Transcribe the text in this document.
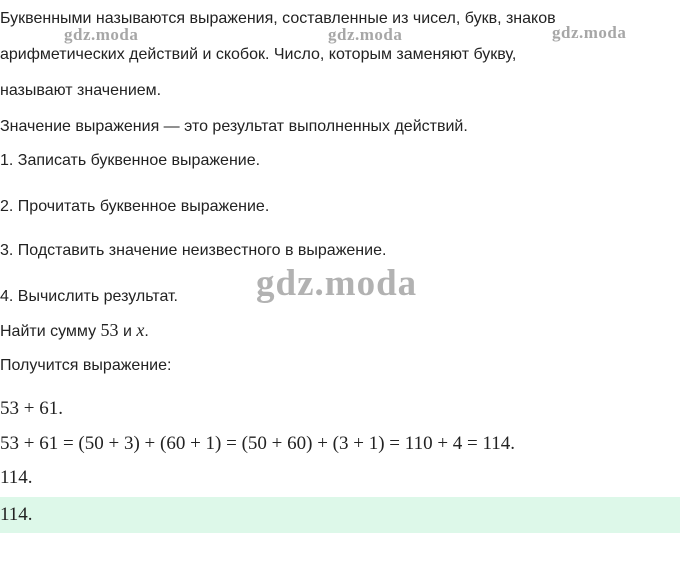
gdz.moda	gdz.moda	gdz.moda
gdz.moda
Буквенными называются выражения, составленные из чисел, букв, знаков
арифметических действий и скобок. Число, которым заменяют букву,
называют значением.
Значение выражения — это результат выполненных действий.
1. Записать буквенное выражение.
2. Прочитать буквенное выражение.
3. Подставить значение неизвестного в выражение.
4. Вычислить результат.
Найти сумму 53 и x.
Получится выражение:
53 + 61.
53 + 61 = (50 + 3) + (60 + 1) = (50 + 60) + (3 + 1) = 110 + 4 = 114.
114.
114.
